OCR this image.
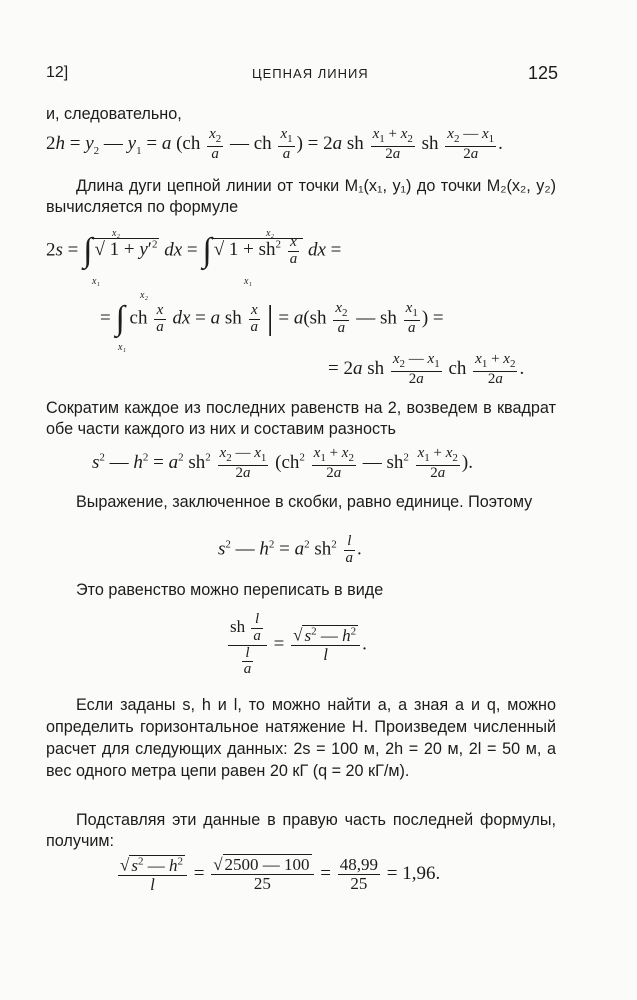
12]	ЦЕПНАЯ ЛИНИЯ	125
и, следовательно,
$2h = y_2$ — $y_1 = a$ ($ch \frac{x_2}{a}$ — ch $\frac{x_1}{a}$ ) = 2a sh $\frac{x_1 + x_2}{2a}$ sh $\frac{x_2 — x_1}{2a}$ .
Длина дуги цепной линии от точки M₁(x₁, y₁) до точки M₂(x₂, y₂) вычисляется по формуле
2s = ∫ √ $1 + y'^2$ dx = ∫ √ $1 + sh^2 \frac{x}{a}$ dx =
x₂
x₁
x₂
x₁
= ∫ ch $\frac{x}{a}$ dx = a sh $\frac{x}{a}$ | = $a(sh \frac{x_2}{a}$ — sh $\frac{x_1}{a}$ ) =
x₂
x₁
= 2a sh $\frac{x_2 — x_1}{2a}$ ch $\frac{x_1 + x_2}{2a}$ .
Сократим каждое из последних равенств на 2, возведем в квадрат обе части каждого из них и составим разность
$s^2$ — $h^2 = a^2$ $sh^2 \frac{x_2 — x_1}{2a} (ch^2 \frac{x_1 + x_2}{2a}$ — $sh^2 \frac{x_1 + x_2}{2a}$ ).
Выражение, заключенное в скобки, равно единице. Поэтому
$s^2$ — $h^2 = a^2$ $sh^2 \frac{l}{a}$ .
Это равенство можно переписать в виде
$\frac{sh \frac{l}{a}}{\frac{l}{a}} = \frac{√ s^2 — h^2}{l}$ .
Если заданы s, h и l, то можно найти a, а зная a и q, можно определить горизонтальное натяжение H. Произведем численный расчет для следующих данных: 2s = 100 м, 2h = 20 м, 2l = 50 м, а вес одного метра цепи равен 20 кГ (q = 20 кГ/м).
Подставляя эти данные в правую часть последней формулы, получим:
$\frac{√ s^2 — h^2}{l} = \frac{√ 2500 — 100}{25} = \frac{48,99}{25} = 1,96$.
